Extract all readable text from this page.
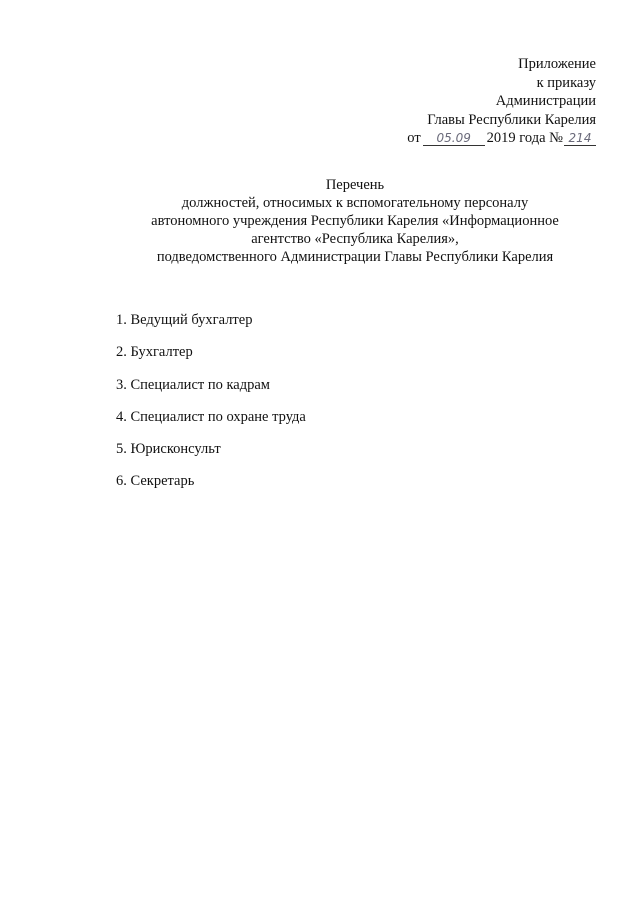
Приложение
к приказу
Администрации
Главы Республики Карелия
от 05.09 2019 года № 214
Перечень
должностей, относимых к вспомогательному персоналу
автономного учреждения Республики Карелия «Информационное
агентство «Республика Карелия»,
подведомственного Администрации Главы Республики Карелия
1. Ведущий бухгалтер
2. Бухгалтер
3. Специалист по кадрам
4. Специалист по охране труда
5. Юрисконсульт
6. Секретарь
